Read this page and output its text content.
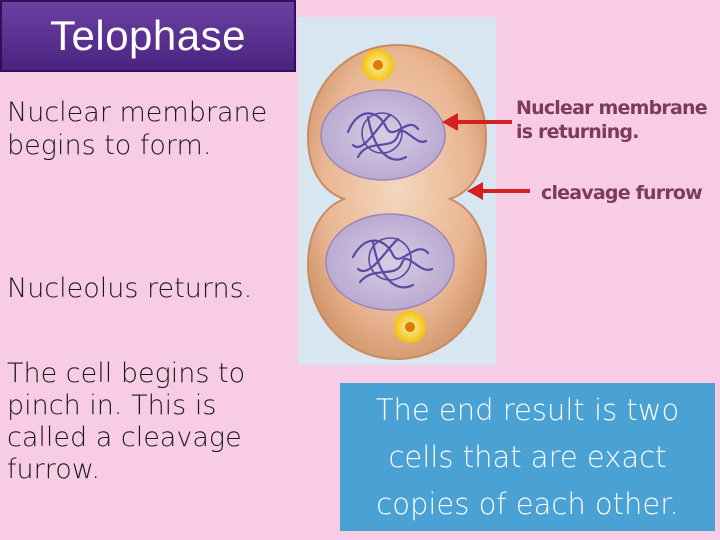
Telophase
Nuclear membrane begins to form.
Nucleolus returns.
The cell begins to pinch in. This is called a cleavage furrow.
Nuclear membrane is returning.
cleavage furrow
The end result is two cells that are exact copies of each other.
